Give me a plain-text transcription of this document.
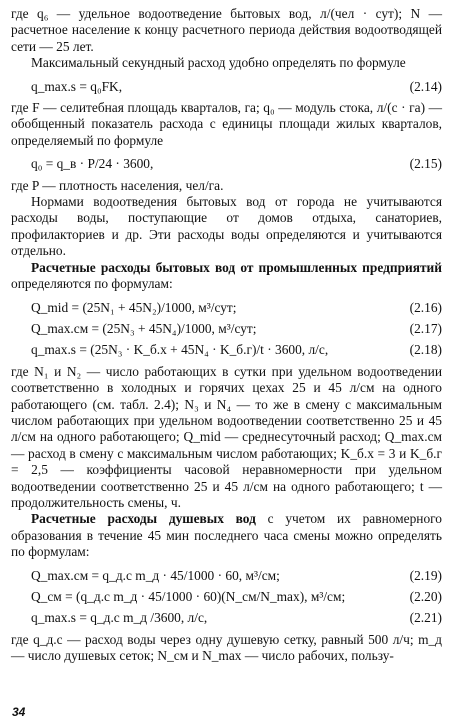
где q₆ — удельное водоотведение бытовых вод, л/(чел · сут); N — расчетное население к концу расчетного периода действия водоотводящей сети — 25 лет.

Максимальный секундный расход удобно определять по формуле

q_max.s = q₀FK,	(2.14)

где F — селитебная площадь кварталов, га; q₀ — модуль стока, л/(с · га) — обобщенный показатель расхода с единицы площади жилых кварталов, определяемый по формуле

q₀ = q_в · P/24 · 3600,	(2.15)

где P — плотность населения, чел/га.

Нормами водоотведения бытовых вод от города не учитываются расходы воды, поступающие от домов отдыха, санаториев, профилакториев и др. Эти расходы воды определяются и учитываются отдельно.

Расчетные расходы бытовых вод от промышленных предприятий определяются по формулам:

Q_mid = (25N₁ + 45N₂)/1000, м³/сут;	(2.16)
Q_max.см = (25N₃ + 45N₄)/1000, м³/сут;	(2.17)
q_max.s = (25N₃ · K_б.х + 45N₄ · K_б.г)/t · 3600, л/с,	(2.18)

где N₁ и N₂ — число работающих в сутки при удельном водоотведении соответственно в холодных и горячих цехах 25 и 45 л/см на одного работающего (см. табл. 2.4); N₃ и N₄ — то же в смену с максимальным числом работающих при удельном водоотведении соответственно 25 и 45 л/см на одного работающего; Q_mid — среднесуточный расход; Q_max.см — расход в смену с максимальным числом работающих; K_б.х = 3 и K_б.г = 2,5 — коэффициенты часовой неравномерности при удельном водоотведении соответственно 25 и 45 л/см на одного работающего; t — продолжительность смены, ч.

Расчетные расходы душевых вод с учетом их равномерного образования в течение 45 мин последнего часа смены можно определять по формулам:

Q_max.см = q_д.с m_д · 45/1000 · 60, м³/см;	(2.19)
Q_см = (q_д.с m_д · 45/1000 · 60)(N_см/N_max), м³/см;	(2.20)
q_max.s = q_д.с m_д /3600, л/с,	(2.21)

где q_д.с — расход воды через одну душевую сетку, равный 500 л/ч; m_д — число душевых сеток; N_см и N_max — число рабочих, пользу-

34
